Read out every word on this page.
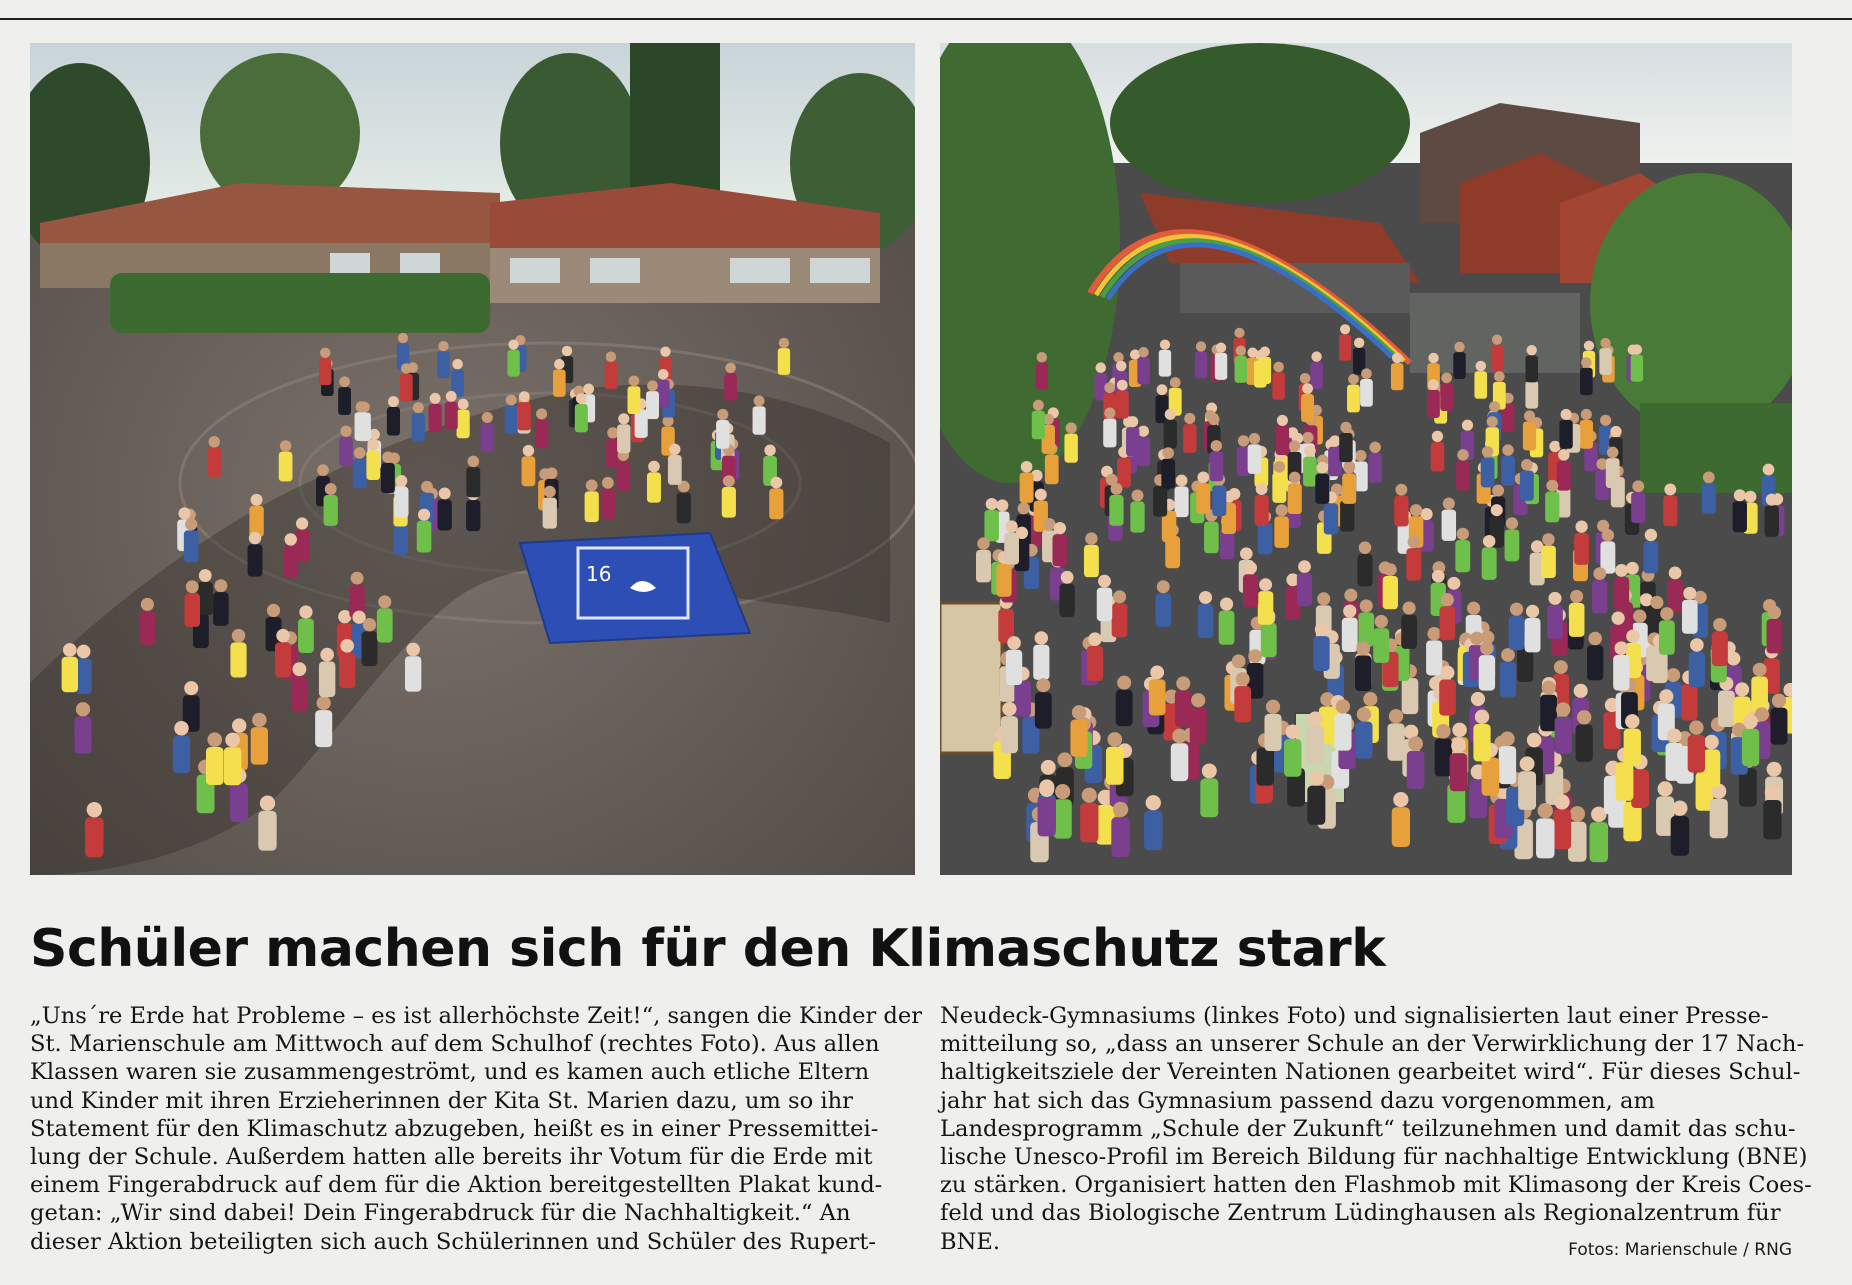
16
Schüler machen sich für den Klimaschutz stark
„Uns´re Erde hat Probleme – es ist allerhöchste Zeit!“, sangen die Kinder der
St. Marienschule am Mittwoch auf dem Schulhof (rechtes Foto). Aus allen
Klassen waren sie zusammengeströmt, und es kamen auch etliche Eltern
und Kinder mit ihren Erzieherinnen der Kita St. Marien dazu, um so ihr
Statement für den Klimaschutz abzugeben, heißt es in einer Pressemittei-
lung der Schule. Außerdem hatten alle bereits ihr Votum für die Erde mit
einem Fingerabdruck auf dem für die Aktion bereitgestellten Plakat kund-
getan: „Wir sind dabei! Dein Fingerabdruck für die Nachhaltigkeit.“ An
dieser Aktion beteiligten sich auch Schülerinnen und Schüler des Rupert-
Neudeck-Gymnasiums (linkes Foto) und signalisierten laut einer Presse-
mitteilung so, „dass an unserer Schule an der Verwirklichung der 17 Nach-
haltigkeitsziele der Vereinten Nationen gearbeitet wird“. Für dieses Schul-
jahr hat sich das Gymnasium passend dazu vorgenommen, am
Landesprogramm „Schule der Zukunft“ teilzunehmen und damit das schu-
lische Unesco-Profil im Bereich Bildung für nachhaltige Entwicklung (BNE)
zu stärken. Organisiert hatten den Flashmob mit Klimasong der Kreis Coes-
feld und das Biologische Zentrum Lüdinghausen als Regionalzentrum für
BNE.	Fotos: Marienschule / RNG
